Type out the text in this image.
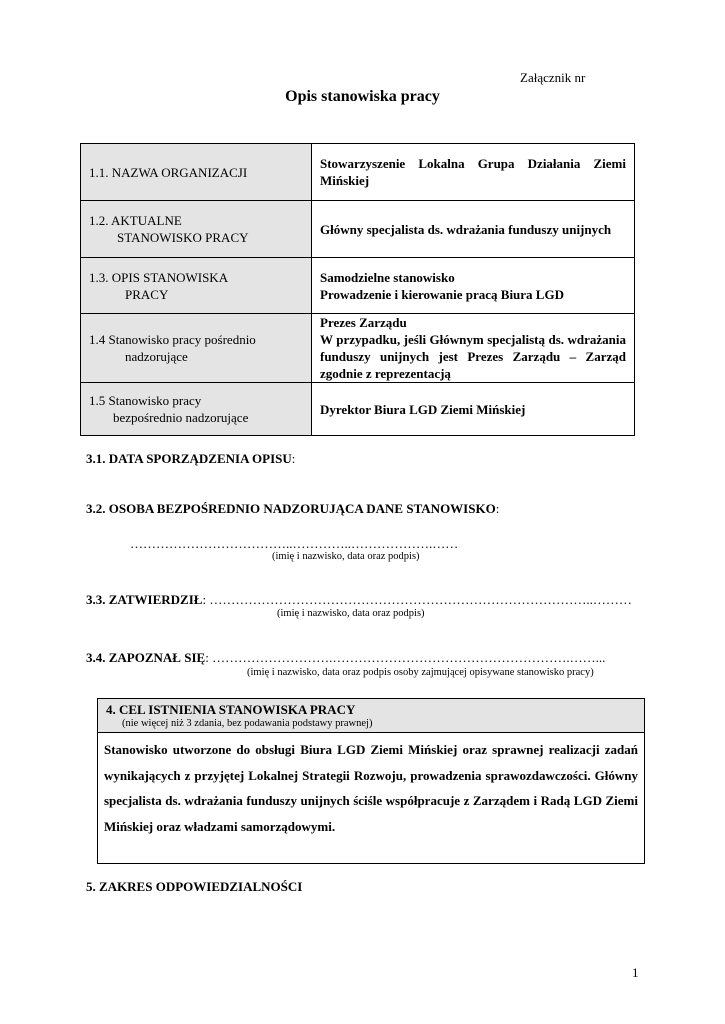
Załącznik nr
Opis stanowiska pracy
1.1. NAZWA ORGANIZACJI	Stowarzyszenie Lokalna Grupa Działania Ziemi Mińskiej

1.2. AKTUALNE
STANOWISKO PRACY	Główny specjalista ds. wdrażania funduszy unijnych

1.3. OPIS STANOWISKA
PRACY	Samodzielne stanowisko
Prowadzenie i kierowanie pracą Biura LGD

1.4 Stanowisko pracy pośrednio
nadzorujące	Prezes Zarządu
W przypadku, jeśli Głównym specjalistą ds. wdrażania funduszy unijnych jest Prezes Zarządu – Zarząd zgodnie z reprezentacją

1.5 Stanowisko pracy
bezpośrednio nadzorujące	Dyrektor Biura LGD Ziemi Mińskiej
3.1. DATA SPORZĄDZENIA OPISU:
3.2. OSOBA BEZPOŚREDNIO NADZORUJĄCA DANE STANOWISKO:
………………………………..…………..……………….……
(imię i nazwisko, data oraz podpis)
3.3. ZATWIERDZIŁ: ……………………………………………………………………………..………
(imię i nazwisko, data oraz podpis)
3.4. ZAPOZNAŁ SIĘ: ……………………….……………………………………………….……...
(imię i nazwisko, data oraz podpis osoby zajmującej opisywane stanowisko pracy)
4. CEL ISTNIENIA STANOWISKA PRACY
(nie więcej niż 3 zdania, bez podawania podstawy prawnej)
Stanowisko utworzone do obsługi Biura LGD Ziemi Mińskiej oraz sprawnej realizacji zadań wynikających z przyjętej Lokalnej Strategii Rozwoju, prowadzenia sprawozdawczości. Główny specjalista ds. wdrażania funduszy unijnych ściśle współpracuje z Zarządem i Radą LGD Ziemi Mińskiej oraz władzami samorządowymi.
5. ZAKRES ODPOWIEDZIALNOŚCI
1
